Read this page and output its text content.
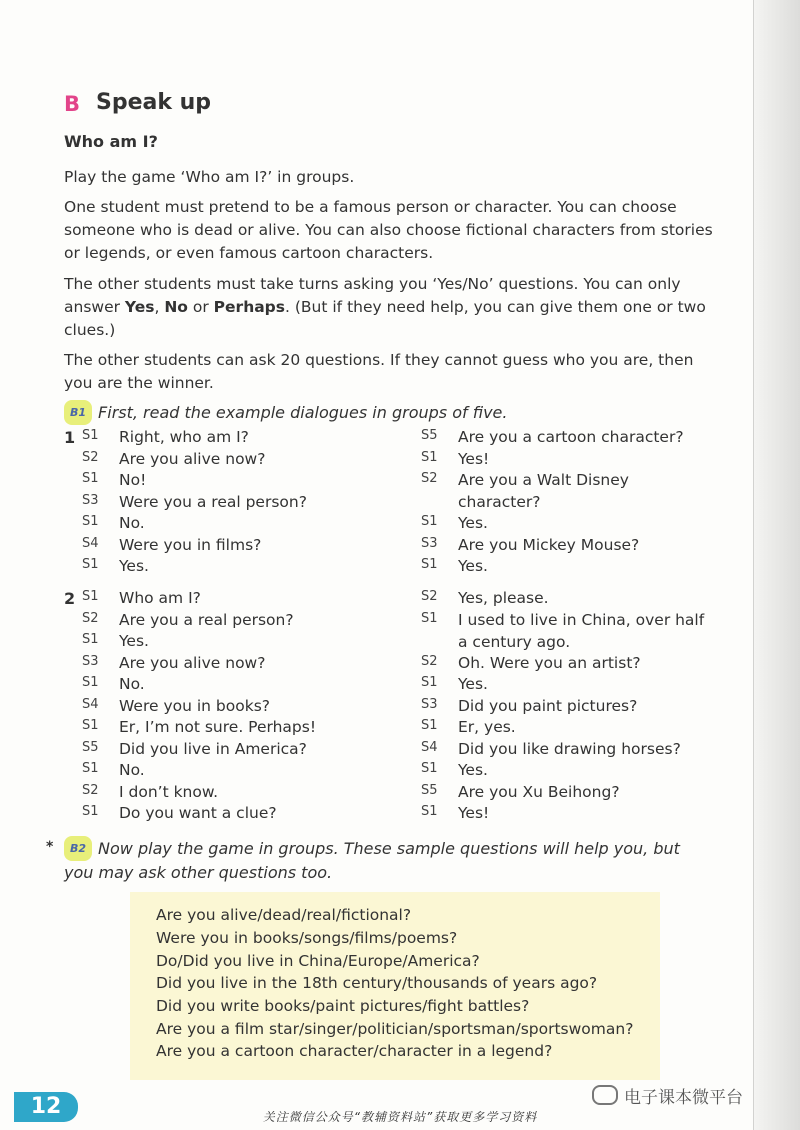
B Speak up
Who am I?
Play the game ‘Who am I?’ in groups.
One student must pretend to be a famous person or character. You can choose someone who is dead or alive. You can also choose fictional characters from stories or legends, or even famous cartoon characters.
The other students must take turns asking you ‘Yes/No’ questions. You can only answer Yes, No or Perhaps. (But if they need help, you can give them one or two clues.)
The other students can ask 20 questions. If they cannot guess who you are, then you are the winner.
B1 First, read the example dialogues in groups of five.
1 S1 Right, who am I?
S2 Are you alive now?
S1 No!
S3 Were you a real person?
S1 No.
S4 Were you in films?
S1 Yes.
S5 Are you a cartoon character?
S1 Yes!
S2 Are you a Walt Disney
character?
S1 Yes.
S3 Are you Mickey Mouse?
S1 Yes.
2 S1 Who am I?
S2 Are you a real person?
S1 Yes.
S3 Are you alive now?
S1 No.
S4 Were you in books?
S1 Er, I’m not sure. Perhaps!
S5 Did you live in America?
S1 No.
S2 I don’t know.
S1 Do you want a clue?
S2 Yes, please.
S1 I used to live in China, over half
a century ago.
S2 Oh. Were you an artist?
S1 Yes.
S3 Did you paint pictures?
S1 Er, yes.
S4 Did you like drawing horses?
S1 Yes.
S5 Are you Xu Beihong?
S1 Yes!
*	B2 Now play the game in groups. These sample questions will help you, but you may ask other questions too.
Are you alive/dead/real/fictional?
Were you in books/songs/films/poems?
Do/Did you live in China/Europe/America?
Did you live in the 18th century/thousands of years ago?
Did you write books/paint pictures/fight battles?
Are you a film star/singer/politician/sportsman/sportswoman?
Are you a cartoon character/character in a legend?
12	电子课本微平台
关注微信公众号“教辅资料站”获取更多学习资料
